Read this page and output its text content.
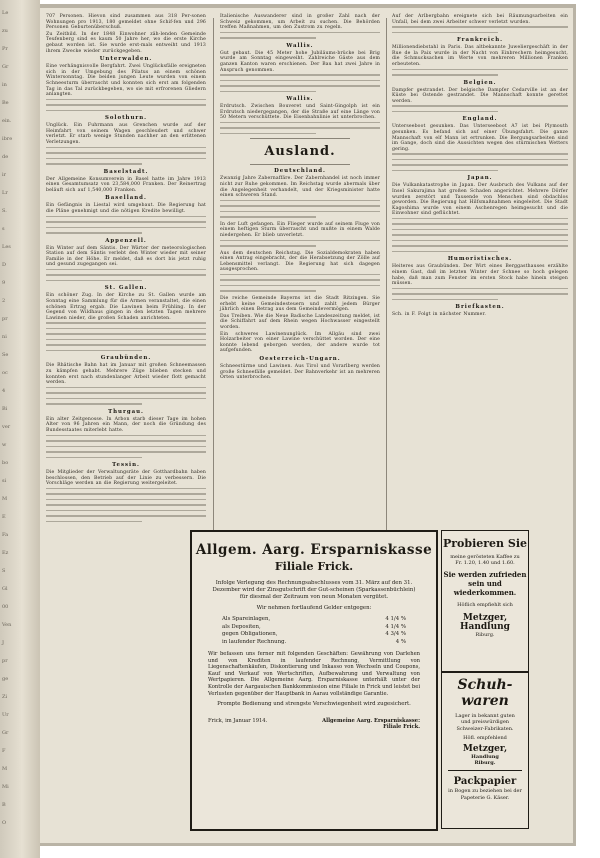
Le
zu
Pr
Gr
in
Be
ein.
ibre
de
ir
Lr
S.
s
Les
D
9
2
pr
ni
Se
oc
4
Bi
ver
w
bo
si
M
E
Fa
Ez
S
Gl
00
Ven
J
pr
ge
Zi
Ur
Gr
F
M
Mi
B
O

707 Personen. Hievon sind zusammen aus 318 Per-sonen Wohnungen pro 1913, 180 gemeldet ohne Schif-fen und 296 Personen Geburtenüberschuß.

Zu Zeitbild. In der 1848 Einwohner zäh-lenden Gemeinde Teufenberg sind es kaum 50 Jahre her, wo die erste Kirche gebaut worden ist. Sie wurde erst-mals entweiht und 1913 ihrem Zwecke wieder zurückgegeben.

Unterwalden.

Eine verhängnisvolle Bergfahrt. Zwei Unglücksfälle ereigneten sich in der Umgebung des Pilatus an einem schönen Wintersonntag. Die beiden jungen Leute wurden von einem Schneesturm überrascht und konnten sich erst am folgenden Tag in das Tal zurückbegeben, wo sie mit erfrorenen Gliedern anlangten.

Solothurn.

Unglück. Ein Fuhrmann aus Grenchen wurde auf der Heimfahrt von seinem Wagen geschleudert und schwer verletzt. Er starb wenige Stunden nachher an den erlittenen Verletzungen.

Baselstadt.

Der Allgemeine Konsumverein in Basel hatte im Jahre 1913 einen Gesamtumsatz von 23,584,000 Franken. Der Reinertrag beläuft sich auf 1,540,000 Franken.

Baselland.

Ein Gefängnis in Liestal wird umgebaut. Die Regierung hat die Pläne genehmigt und die nötigen Kredite bewilligt.

Appenzell.

Ein Winter auf dem Säntis. Der Wärter der meteorologischen Station auf dem Säntis verlebt den Winter wieder mit seiner Familie in der Höhe. Er meldet, daß es dort bis jetzt ruhig und gesund zugegangen sei.

St. Gallen.

Ein schöner Zug. In der Kirche zu St. Gallen wurde am Sonntag eine Sammlung für die Armen veranstaltet, die einen schönen Ertrag ergab. Die Lawinen beim Frühling. In der Gegend von Wildhaus gingen in den letzten Tagen mehrere Lawinen nieder, die großen Schaden anrichteten.

Graubünden.

Die Rhätische Bahn hat im Januar mit großen Schneemassen zu kämpfen gehabt. Mehrere Züge blieben stecken und konnten erst nach stundenlanger Arbeit wieder flott gemacht werden.

Thurgau.

Ein alter Zeitgenosse. In Arbon starb dieser Tage im hohen Alter von 96 Jahren ein Mann, der noch die Gründung des Bundesstaates miterlebt hatte.

Tessin.

Die Mitglieder der Verwaltungsräte der Gotthardbahn haben beschlossen, den Betrieb auf der Linie zu verbessern. Die Vorschläge werden an die Regierung weitergeleitet.

Italienische Auswanderer sind in großer Zahl nach der Schweiz gekommen, um Arbeit zu suchen. Die Behörden treffen Maßnahmen, um den Zustrom zu regeln.

Wallis.

Gut gebaut. Die 45 Meter hohe Jubiläums-brücke bei Brig wurde am Sonntag eingeweiht. Zahlreiche Gäste aus dem ganzen Kanton waren erschienen. Der Bau hat zwei Jahre in Anspruch genommen.

Wallis.

Erdrutsch. Zwischen Bouveret und Saint-Gingolph ist ein Erdrutsch niedergegangen, der die Straße auf eine Länge von 50 Metern verschüttete. Die Eisenbahnlinie ist unterbrochen.

Ausland.
Deutschland.

Zwanzig Jahre Zabernaffäre. Der Zabernhandel ist noch immer nicht zur Ruhe gekommen. Im Reichstag wurde abermals über die Angelegenheit verhandelt, und der Kriegsminister hatte einen schweren Stand.

In der Luft gefangen. Ein Flieger wurde auf seinem Fluge von einem heftigen Sturm überrascht und mußte in einem Walde niedergehen. Er blieb unverletzt.

Aus dem deutschen Reichstag. Die Sozialdemokraten haben einen Antrag eingebracht, der die Herabsetzung der Zölle auf Lebensmittel verlangt. Die Regierung hat sich dagegen ausgesprochen.

Die reiche Gemeinde Bayerns ist die Stadt Ritzingen. Sie erhebt keine Gemeindesteuern und zahlt jedem Bürger jährlich einen Betrag aus dem Gemeindevermögen.

Das Treiben. Wie die Neue Badische Landeszeitung meldet, ist die Schiffahrt auf dem Rhein wegen Hochwasser eingestellt worden.

Ein schweres Lawinenunglück. Im Allgäu sind zwei Holzarbeiter von einer Lawine verschüttet worden. Der eine konnte lebend geborgen werden, der andere wurde tot aufgefunden.

Oesterreich-Ungarn.

Schneestürme und Lawinen. Aus Tirol und Vorarlberg werden große Schneefälle gemeldet. Der Bahnverkehr ist an mehreren Orten unterbrochen.

Auf der Arlbergbahn ereignete sich bei Räumungsarbeiten ein Unfall, bei dem zwei Arbeiter schwer verletzt wurden.

Frankreich.

Millionendiebstahl in Paris. Das altbekannte Juweliergeschäft in der Rue de la Paix wurde in der Nacht von Einbrechern heimgesucht, die Schmucksachen im Werte von mehreren Millionen Franken erbeuteten.

Belgien.

Dampfer gestrandet. Der belgische Dampfer Cedarville ist an der Küste bei Ostende gestrandet. Die Mannschaft konnte gerettet werden.

England.

Unterseeboot gesunken. Das Unterseeboot A7 ist bei Plymouth gesunken. Es befand sich auf einer Übungsfahrt. Die ganze Mannschaft von elf Mann ist ertrunken. Die Bergungsarbeiten sind im Gange, doch sind die Aussichten wegen des stürmischen Wetters gering.

Japan.

Die Vulkankatastrophe in Japan. Der Ausbruch des Vulkans auf der Insel Sakurajima hat großen Schaden angerichtet. Mehrere Dörfer wurden zerstört und Tausende von Menschen sind obdachlos geworden. Die Regierung hat Hilfsmaßnahmen eingeleitet. Die Stadt Kagoshima wurde von einem Aschenregen heimgesucht und die Einwohner sind geflüchtet.

Humoristisches.

Heiteres aus Graubünden. Der Wirt eines Berggasthauses erzählte einem Gast, daß im letzten Winter der Schnee so hoch gelegen habe, daß man zum Fenster im ersten Stock habe hinein steigen müssen.

Briefkasten.

Sch. in F. Folgt in nächster Nummer.

Allgem. Aarg. Ersparniskasse
Filiale Frick.
Infolge Verlegung des Rechnungsabschlusses vom 31. März auf den 31. Dezember wird der Zinsgutschrift der Gut-scheinen (Sparkassenbüchlein) für diesmal der Zeitraum von neun Monaten vergütet.
Wir nehmen fortlaufend Gelder entgegen:
Als Spareinlagen,	4 1/4 %
als Depositen,	4 1/4 %
gegen Obligationen,	4 3/4 %
in laufender Rechnung.	4 %
Wir befassen uns ferner mit folgenden Geschäften: Gewährung von Darlehen und von Krediten in laufender Rechnung, Vermittlung von Liegenschaftenkäufen, Diskontierung und Inkasso von Wechseln und Coupons, Kauf und Verkauf von Wertschriften, Aufbewahrung und Verwaltung von Wertpapieren. Die Allgemeine Aarg. Ersparniskasse unterhält unter der Kontrolle der Aargauischen Bankkommission eine Filiale in Frick und leistet bei Verlusten gegenüber der Hauptbank in Aarau vollständige Garantie.
Prompte Bedienung und strengste Verschwiegenheit wird zugesichert.
Frick, im Januar 1914.	Allgemeine Aarg. Ersparniskasse: Filiale Frick.
Probieren Sie
meine gerösteten Kaffee zu
Fr. 1.20, 1.40 und 1.60.
Sie werden zufrieden
sein und wiederkommen.
Höflich empfiehlt sich
Metzger, Handlung
Riburg.
Schuh-
waren
Lager in bekannt guten
und preiswürdigen
Schweizer-Fabrikaten.
Höfl. empfehlend
Metzger,
Handlung
Riburg.
Packpapier
in Bogen zu beziehen bei der
Papeterie G. Käser.
